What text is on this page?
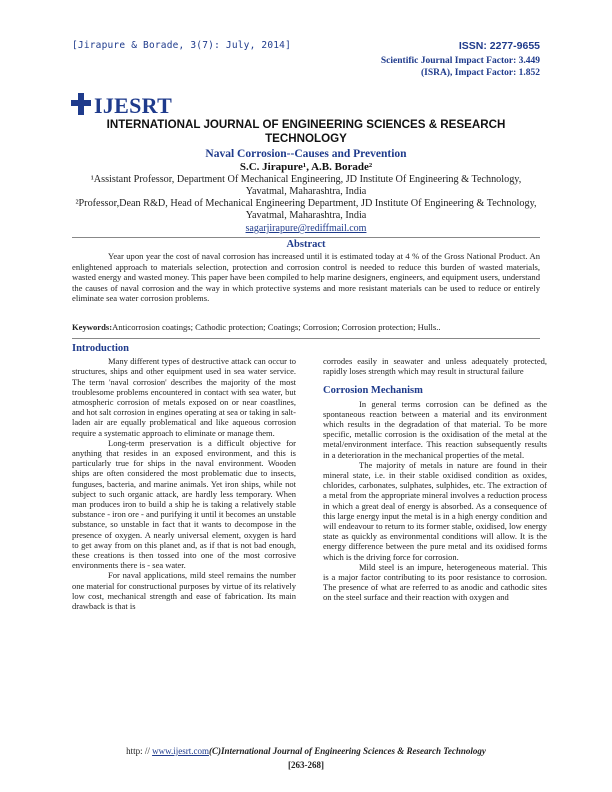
[Jirapure & Borade, 3(7): July, 2014]	ISSN: 2277-9655
Scientific Journal Impact Factor: 3.449
(ISRA), Impact Factor: 1.852
IJESRT
INTERNATIONAL JOURNAL OF ENGINEERING SCIENCES & RESEARCH TECHNOLOGY
Naval Corrosion--Causes and Prevention
S.C. Jirapure¹, A.B. Borade²
¹Assistant Professor, Department Of Mechanical Engineering, JD Institute Of Engineering & Technology, Yavatmal, Maharashtra, India
²Professor,Dean R&D, Head of Mechanical Engineering Department, JD Institute Of Engineering & Technology, Yavatmal, Maharashtra, India
sagarjirapure@rediffmail.com
Abstract
Year upon year the cost of naval corrosion has increased until it is estimated today at 4 % of the Gross National Product. An enlightened approach to materials selection, protection and corrosion control is needed to reduce this burden of wasted materials, wasted energy and wasted money. This paper have been compiled to help marine designers, engineers, and equipment users, understand the causes of naval corrosion and the way in which protective systems and more resistant materials can be used to reduce or entirely eliminate sea water corrosion problems.
Keywords:Anticorrosion coatings; Cathodic protection; Coatings; Corrosion; Corrosion protection; Hulls..
Introduction

Many different types of destructive attack can occur to structures, ships and other equipment used in sea water service. The term 'naval corrosion' describes the majority of the most troublesome problems encountered in contact with sea water, but atmospheric corrosion of metals exposed on or near coastlines, and hot salt corrosion in engines operating at sea or taking in salt-laden air are equally problematical and like aqueous corrosion require a systematic approach to eliminate or manage them.

Long-term preservation is a difficult objective for anything that resides in an exposed environment, and this is particularly true for ships in the naval environment. Wooden ships are often considered the most problematic due to insects, funguses, bacteria, and marine animals. Yet iron ships, while not subject to such organic attack, are hardly less temporary. When man produces iron to build a ship he is taking a relatively stable substance - iron ore - and purifying it until it becomes an unstable substance, so unstable in fact that it wants to decompose in the presence of oxygen. A nearly universal element, oxygen is hard to get away from on this planet and, as if that is not bad enough, these creations is then tossed into one of the most corrosive environments there is - sea water.

For naval applications, mild steel remains the number one material for constructional purposes by virtue of its relatively low cost, mechanical strength and ease of fabrication. Its main drawback is that is

corrodes easily in seawater and unless adequately protected, rapidly loses strength which may result in structural failure

Corrosion Mechanism

In general terms corrosion can be defined as the spontaneous reaction between a material and its environment which results in the degradation of that material. To be more specific, metallic corrosion is the oxidisation of the metal at the metal/environment interface. This reaction subsequently results in a deterioration in the mechanical properties of the metal.

The majority of metals in nature are found in their mineral state, i.e. in their stable oxidised condition as oxides, chlorides, carbonates, sulphates, sulphides, etc. The extraction of a metal from the appropriate mineral involves a reduction process in which a great deal of energy is absorbed. As a consequence of this large energy input the metal is in a high energy condition and will endeavour to return to its former stable, oxidised, low energy state as quickly as environmental conditions will allow. It is the energy difference between the pure metal and its oxidised forms which is the driving force for corrosion.

Mild steel is an impure, heterogeneous material. This is a major factor contributing to its poor resistance to corrosion. The presence of what are referred to as anodic and cathodic sites on the steel surface and their reaction with oxygen and

http: // www.ijesrt.com(C)International Journal of Engineering Sciences & Research Technology
[263-268]
